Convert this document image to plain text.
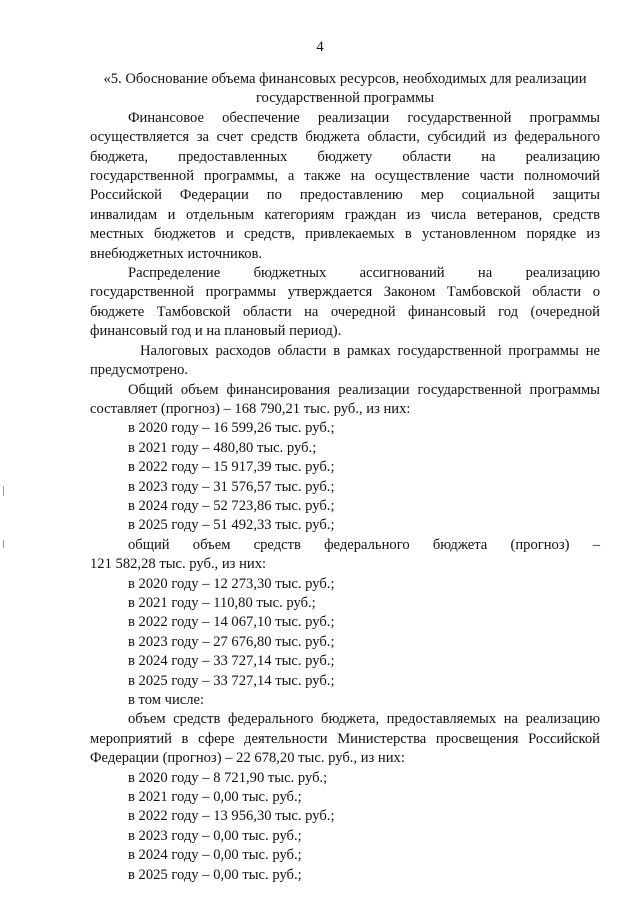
4

«5. Обоснование объема финансовых ресурсов, необходимых для реализации государственной программы

Финансовое обеспечение реализации государственной программы

осуществляется за счет средств бюджета области, субсидий из федерального

бюджета, предоставленных бюджету области на реализацию

государственной программы, а также на осуществление части полномочий

Российской Федерации по предоставлению мер социальной защиты

инвалидам и отдельным категориям граждан из числа ветеранов, средств

местных бюджетов и средств, привлекаемых в установленном порядке из

внебюджетных источников.

Распределение бюджетных ассигнований на реализацию

государственной программы утверждается Законом Тамбовской области о

бюджете Тамбовской области на очередной финансовый год (очередной

финансовый год и на плановый период).

Налоговых расходов области в рамках государственной программы не

предусмотрено.

Общий объем финансирования реализации государственной программы

составляет (прогноз) – 168 790,21 тыс. руб., из них:

в 2020 году – 16 599,26 тыс. руб.;

в 2021 году – 480,80 тыс. руб.;

в 2022 году – 15 917,39 тыс. руб.;

в 2023 году – 31 576,57 тыс. руб.;

в 2024 году – 52 723,86 тыс. руб.;

в 2025 году – 51 492,33 тыс. руб.;

общий объем средств федерального бюджета (прогноз) –

121 582,28 тыс. руб., из них:

в 2020 году – 12 273,30 тыс. руб.;

в 2021 году – 110,80 тыс. руб.;

в 2022 году – 14 067,10 тыс. руб.;

в 2023 году – 27 676,80 тыс. руб.;

в 2024 году – 33 727,14 тыс. руб.;

в 2025 году – 33 727,14 тыс. руб.;

в том числе:

объем средств федерального бюджета, предоставляемых на реализацию

мероприятий в сфере деятельности Министерства просвещения Российской

Федерации (прогноз) – 22 678,20 тыс. руб., из них:

в 2020 году – 8 721,90 тыс. руб.;

в 2021 году – 0,00 тыс. руб.;

в 2022 году – 13 956,30 тыс. руб.;

в 2023 году – 0,00 тыс. руб.;

в 2024 году – 0,00 тыс. руб.;

в 2025 году – 0,00 тыс. руб.;
